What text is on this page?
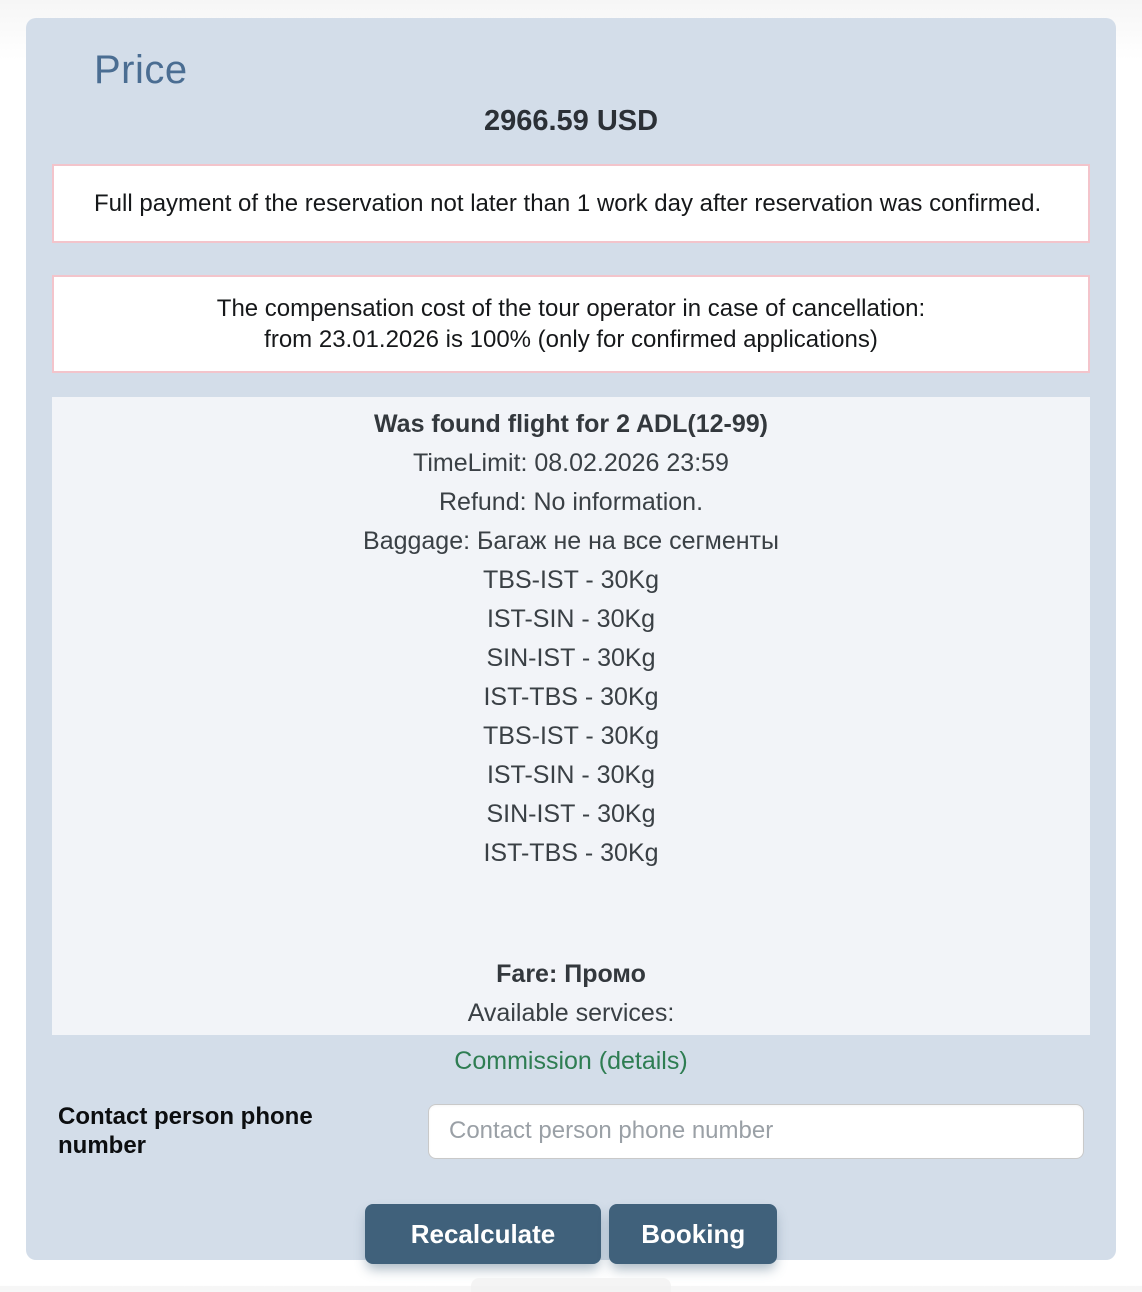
Price
2966.59 USD
Full payment of the reservation not later than 1 work day after reservation was confirmed.
The compensation cost of the tour operator in case of cancellation:
from 23.01.2026 is 100% (only for confirmed applications)
Was found flight for 2 ADL(12-99)
TimeLimit: 08.02.2026 23:59
Refund: No information.
Baggage: Багаж не на все сегменты
TBS-IST - 30Kg
IST-SIN - 30Kg
SIN-IST - 30Kg
IST-TBS - 30Kg
TBS-IST - 30Kg
IST-SIN - 30Kg
SIN-IST - 30Kg
IST-TBS - 30Kg
Fare: Промо
Available services:
Commission (details)
Contact person phone number
Contact person phone number
Recalculate	Booking
